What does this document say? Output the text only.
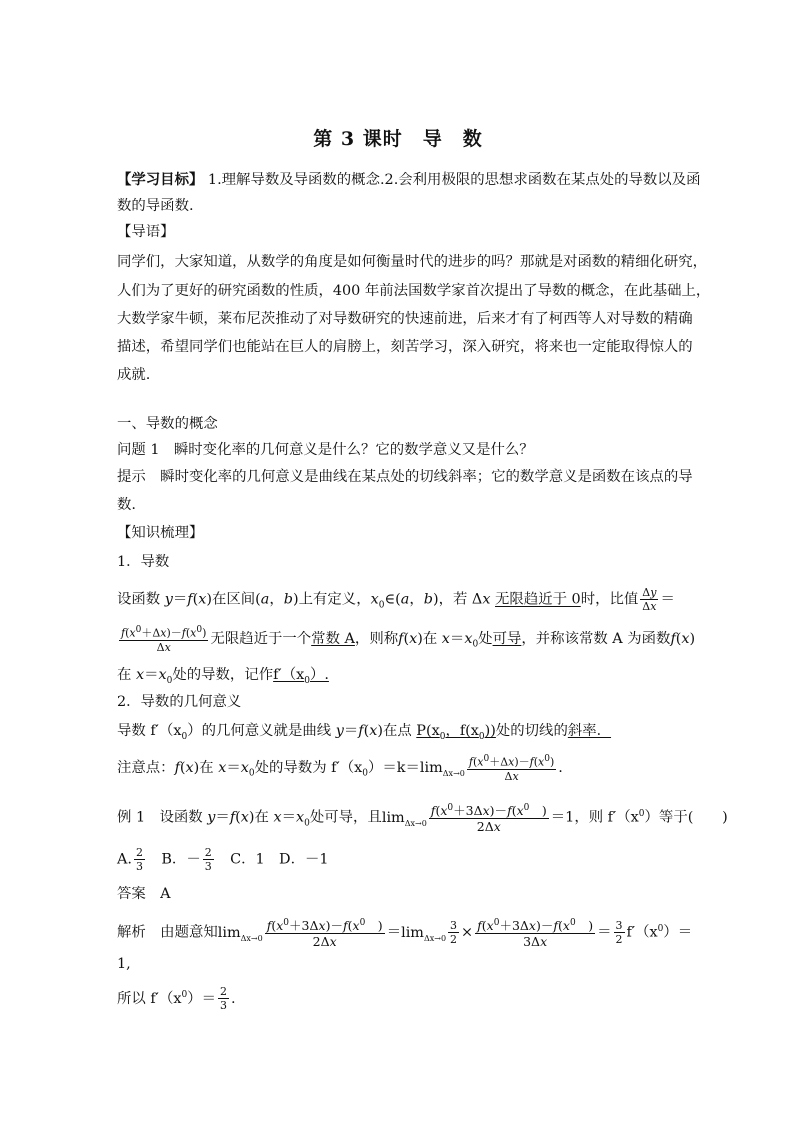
第 3 课时　导　数
【学习目标】 1.理解导数及导函数的概念.2.会利用极限的思想求函数在某点处的导数以及函
数的导函数.
【导语】
同学们，大家知道，从数学的角度是如何衡量时代的进步的吗？那就是对函数的精细化研究，
人们为了更好的研究函数的性质，400 年前法国数学家首次提出了导数的概念，在此基础上，
大数学家牛顿，莱布尼茨推动了对导数研究的快速前进，后来才有了柯西等人对导数的精确
描述，希望同学们也能站在巨人的肩膀上，刻苦学习，深入研究，将来也一定能取得惊人的
成就.
一、导数的概念
问题 1　瞬时变化率的几何意义是什么？它的数学意义又是什么？
提示　瞬时变化率的几何意义是曲线在某点处的切线斜率；它的数学意义是函数在该点的导
数.
【知识梳理】
1．导数
设函数 y＝f(x)在区间(a，b)上有定义，$x_0\in(a$，b)，若 Δx 无限趋近于 0时，比值 $\frac{\Delta y}{\Delta x}$ ＝
$\frac{f(x^0+\Delta x)-f(x^0)}{\Delta x}$ 无限趋近于一个常数 A，则称f(x)在 $x=x_0$处可导，并称该常数 A 为函数f(x)
在 $x=x_0$处的导数，记作$f'(x_0)$.
2．导数的几何意义
导数 $f'(x_0)$的几何意义就是曲线 y＝f(x)在点 $P(x_0$，$f(x_0)$)处的切线的斜率．
注意点：f(x)在 $x=x_0$处的导数为 $f'(x_0)=k=\lim_{\Delta x\to 0} \frac{f(x^0+\Delta x)-f(x^0)}{\Delta x}$ .
例 1　设函数 y＝f(x)在 $x=x_0$处可导，且$\lim_{\Delta x\to 0} \frac{f(x^0+3\Delta x)-f(x^0 )}{2\Delta x} =1$，则 $f'(x^0)$等于(　　)
A. $\frac{2}{3}$ 　B．－ $\frac{2}{3}$ 　C．1　D．－1
答案　A
解析　由题意知$\lim_{\Delta x\to 0} \frac{f(x^0+3\Delta x)-f(x^0 )}{2\Delta x} =\lim_{\Delta x\to 0} \frac{3}{2} \times \frac{f(x^0+3\Delta x)-f(x^0 )}{3\Delta x} = \frac{3}{2} f'(x^0)=$
1,
所以 $f'(x^0)= \frac{2}{3}$ .
